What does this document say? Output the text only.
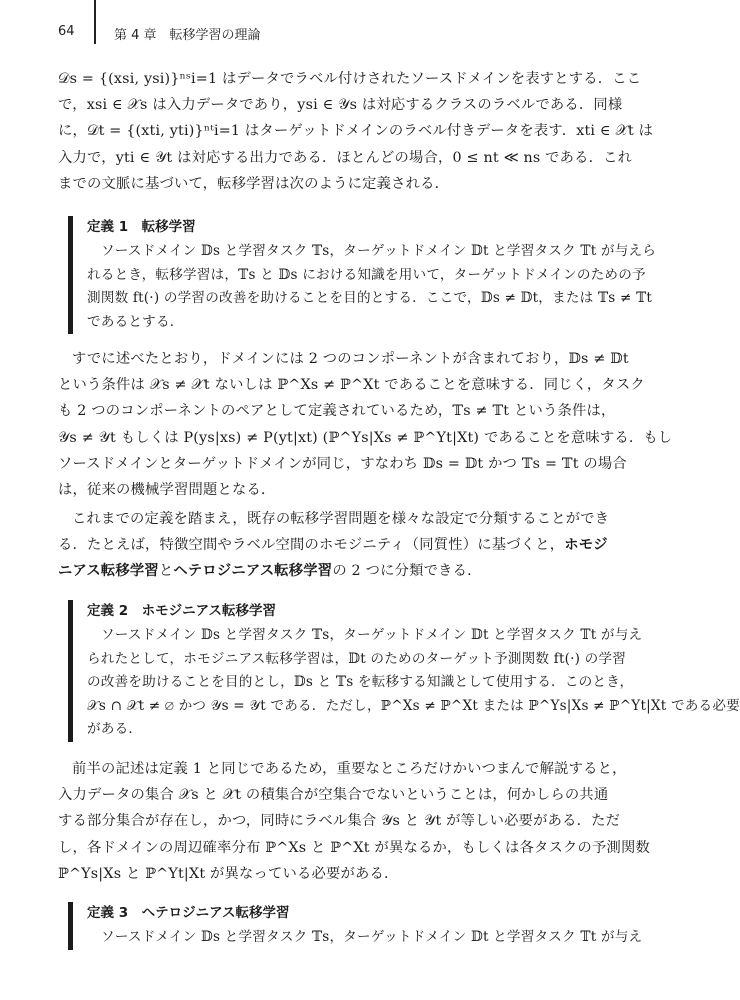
64	第 4 章　転移学習の理論
𝒟s = {(xsi, ysi)}ⁿˢi=1 はデータでラベル付けされたソースドメインを表すとする．ここ
で，xsi ∈ 𝒳s は入力データであり，ysi ∈ 𝒴s は対応するクラスのラベルである．同様
に，𝒟t = {(xti, yti)}ⁿᵗi=1 はターゲットドメインのラベル付きデータを表す．xti ∈ 𝒳t は
入力で，yti ∈ 𝒴t は対応する出力である．ほとんどの場合，0 ≤ nt ≪ ns である．これ
までの文脈に基づいて，転移学習は次のように定義される．
定義 1　転移学習
ソースドメイン 𝔻s と学習タスク 𝕋s，ターゲットドメイン 𝔻t と学習タスク 𝕋t が与えら
れるとき，転移学習は，𝕋s と 𝔻s における知識を用いて，ターゲットドメインのための予
測関数 ft(·) の学習の改善を助けることを目的とする．ここで，𝔻s ≠ 𝔻t，または 𝕋s ≠ 𝕋t
であるとする．
すでに述べたとおり，ドメインには 2 つのコンポーネントが含まれており，𝔻s ≠ 𝔻t
という条件は 𝒳s ≠ 𝒳t ないしは ℙ^Xs ≠ ℙ^Xt であることを意味する．同じく，タスク
も 2 つのコンポーネントのペアとして定義されているため，𝕋s ≠ 𝕋t という条件は，
𝒴s ≠ 𝒴t もしくは P(ys|xs) ≠ P(yt|xt) (ℙ^Ys|Xs ≠ ℙ^Yt|Xt) であることを意味する．もし
ソースドメインとターゲットドメインが同じ，すなわち 𝔻s = 𝔻t かつ 𝕋s = 𝕋t の場合
は，従来の機械学習問題となる．
これまでの定義を踏まえ，既存の転移学習問題を様々な設定で分類することができ
る．たとえば，特徴空間やラベル空間のホモジニティ（同質性）に基づくと，ホモジ
ニアス転移学習とヘテロジニアス転移学習の 2 つに分類できる．
定義 2　ホモジニアス転移学習
ソースドメイン 𝔻s と学習タスク 𝕋s，ターゲットドメイン 𝔻t と学習タスク 𝕋t が与え
られたとして，ホモジニアス転移学習は，𝔻t のためのターゲット予測関数 ft(·) の学習
の改善を助けることを目的とし，𝔻s と 𝕋s を転移する知識として使用する．このとき，
𝒳s ∩ 𝒳t ≠ ∅ かつ 𝒴s = 𝒴t である．ただし，ℙ^Xs ≠ ℙ^Xt または ℙ^Ys|Xs ≠ ℙ^Yt|Xt である必要
がある．
前半の記述は定義 1 と同じであるため，重要なところだけかいつまんで解説すると，
入力データの集合 𝒳s と 𝒳t の積集合が空集合でないということは，何かしらの共通
する部分集合が存在し，かつ，同時にラベル集合 𝒴s と 𝒴t が等しい必要がある．ただ
し，各ドメインの周辺確率分布 ℙ^Xs と ℙ^Xt が異なるか，もしくは各タスクの予測関数
ℙ^Ys|Xs と ℙ^Yt|Xt が異なっている必要がある．
定義 3　ヘテロジニアス転移学習
ソースドメイン 𝔻s と学習タスク 𝕋s，ターゲットドメイン 𝔻t と学習タスク 𝕋t が与え
